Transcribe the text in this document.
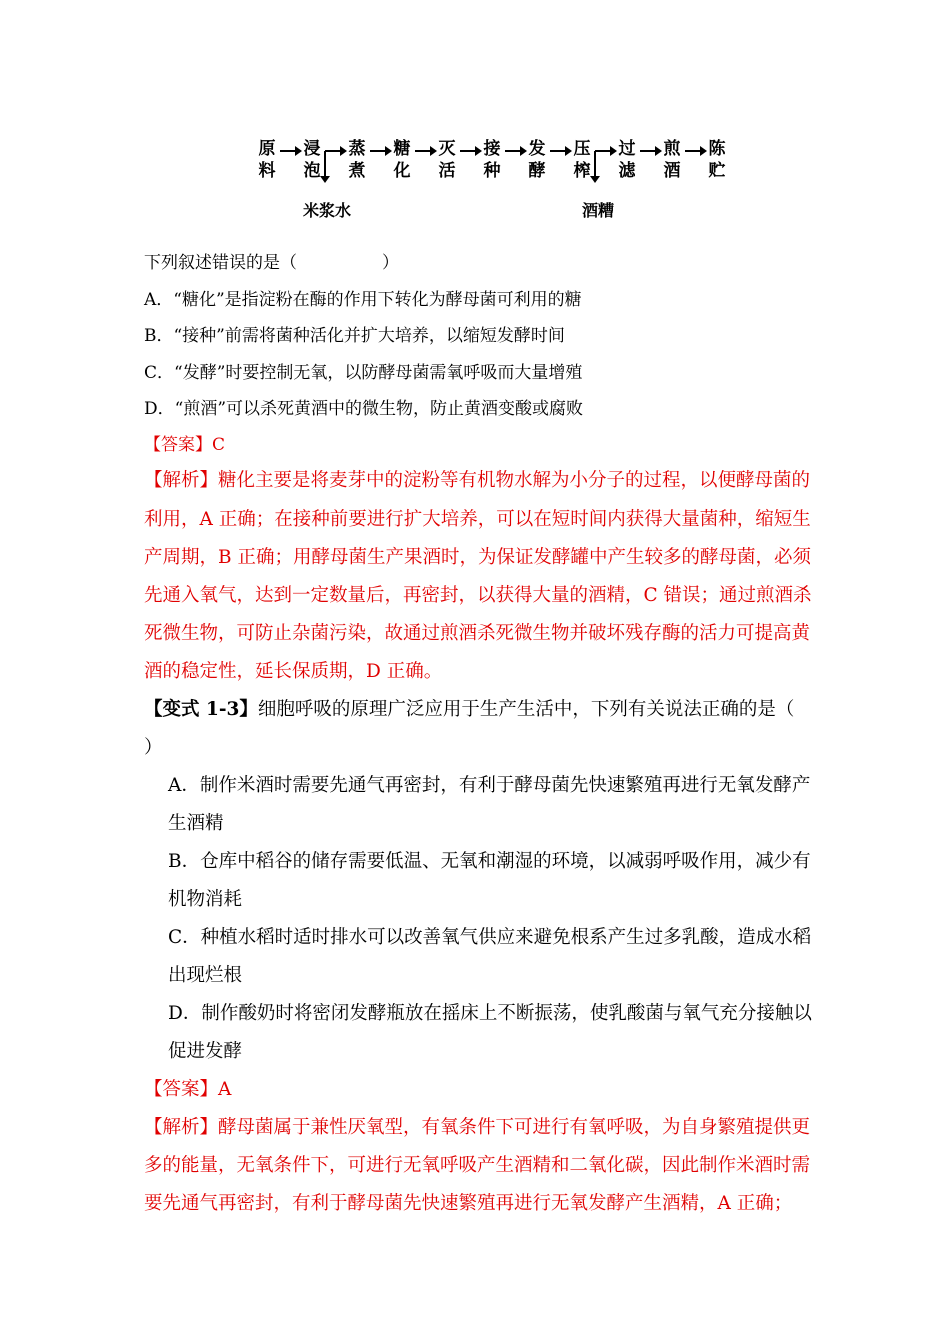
原
料
浸
泡
蒸
煮
糖
化
灭
活
接
种
发
酵
压
榨
过
滤
煎
酒
陈
贮
米浆水	酒糟
下列叙述错误的是（　　　　　）
A．“糖化”是指淀粉在酶的作用下转化为酵母菌可利用的糖
B．“接种”前需将菌种活化并扩大培养，以缩短发酵时间
C．“发酵”时要控制无氧，以防酵母菌需氧呼吸而大量增殖
D．“煎酒”可以杀死黄酒中的微生物，防止黄酒变酸或腐败
【答案】C
【解析】糖化主要是将麦芽中的淀粉等有机物水解为小分子的过程，以便酵母菌的
利用，A 正确；在接种前要进行扩大培养，可以在短时间内获得大量菌种，缩短生
产周期，B 正确；用酵母菌生产果酒时，为保证发酵罐中产生较多的酵母菌，必须
先通入氧气，达到一定数量后，再密封，以获得大量的酒精，C 错误；通过煎酒杀
死微生物，可防止杂菌污染，故通过煎酒杀死微生物并破坏残存酶的活力可提高黄
酒的稳定性，延长保质期，D 正确。
【变式 1-3】细胞呼吸的原理广泛应用于生产生活中，下列有关说法正确的是（
）
A．制作米酒时需要先通气再密封，有利于酵母菌先快速繁殖再进行无氧发酵产
生酒精
B．仓库中稻谷的储存需要低温、无氧和潮湿的环境，以减弱呼吸作用，减少有
机物消耗
C．种植水稻时适时排水可以改善氧气供应来避免根系产生过多乳酸，造成水稻
出现烂根
D．制作酸奶时将密闭发酵瓶放在摇床上不断振荡，使乳酸菌与氧气充分接触以
促进发酵
【答案】A
【解析】酵母菌属于兼性厌氧型，有氧条件下可进行有氧呼吸，为自身繁殖提供更
多的能量，无氧条件下，可进行无氧呼吸产生酒精和二氧化碳，因此制作米酒时需
要先通气再密封，有利于酵母菌先快速繁殖再进行无氧发酵产生酒精，A 正确；
